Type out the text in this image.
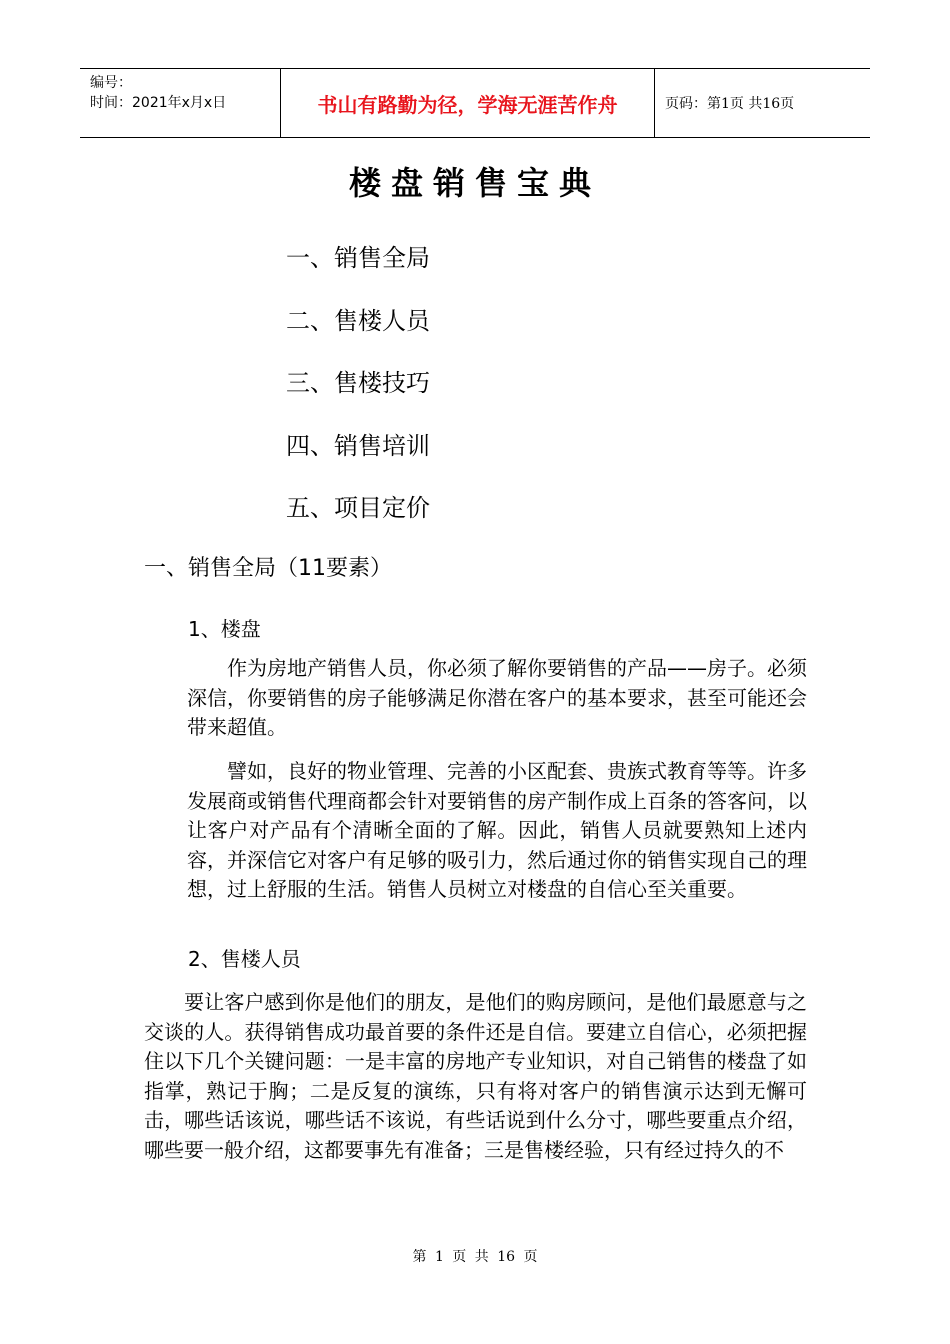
编号：
时间：2021年x月x日	书山有路勤为径，学海无涯苦作舟	页码：第1页 共16页
楼盘销售宝典
一、销售全局
二、售楼人员
三、售楼技巧
四、销售培训
五、项目定价
一、销售全局（11要素）
1、楼盘

　　作为房地产销售人员，你必须了解你要销售的产品——房子。必须深信，你要销售的房子能够满足你潜在客户的基本要求，甚至可能还会带来超值。

　　譬如，良好的物业管理、完善的小区配套、贵族式教育等等。许多发展商或销售代理商都会针对要销售的房产制作成上百条的答客问，以让客户对产品有个清晰全面的了解。因此，销售人员就要熟知上述内容，并深信它对客户有足够的吸引力，然后通过你的销售实现自己的理想，过上舒服的生活。销售人员树立对楼盘的自信心至关重要。

2、售楼人员

　　要让客户感到你是他们的朋友，是他们的购房顾问，是他们最愿意与之交谈的人。获得销售成功最首要的条件还是自信。要建立自信心，必须把握住以下几个关键问题：一是丰富的房地产专业知识，对自己销售的楼盘了如指掌，熟记于胸；二是反复的演练，只有将对客户的销售演示达到无懈可击，哪些话该说，哪些话不该说，有些话说到什么分寸，哪些要重点介绍，哪些要一般介绍，这都要事先有准备；三是售楼经验，只有经过持久的不

第 1 页 共 16 页
